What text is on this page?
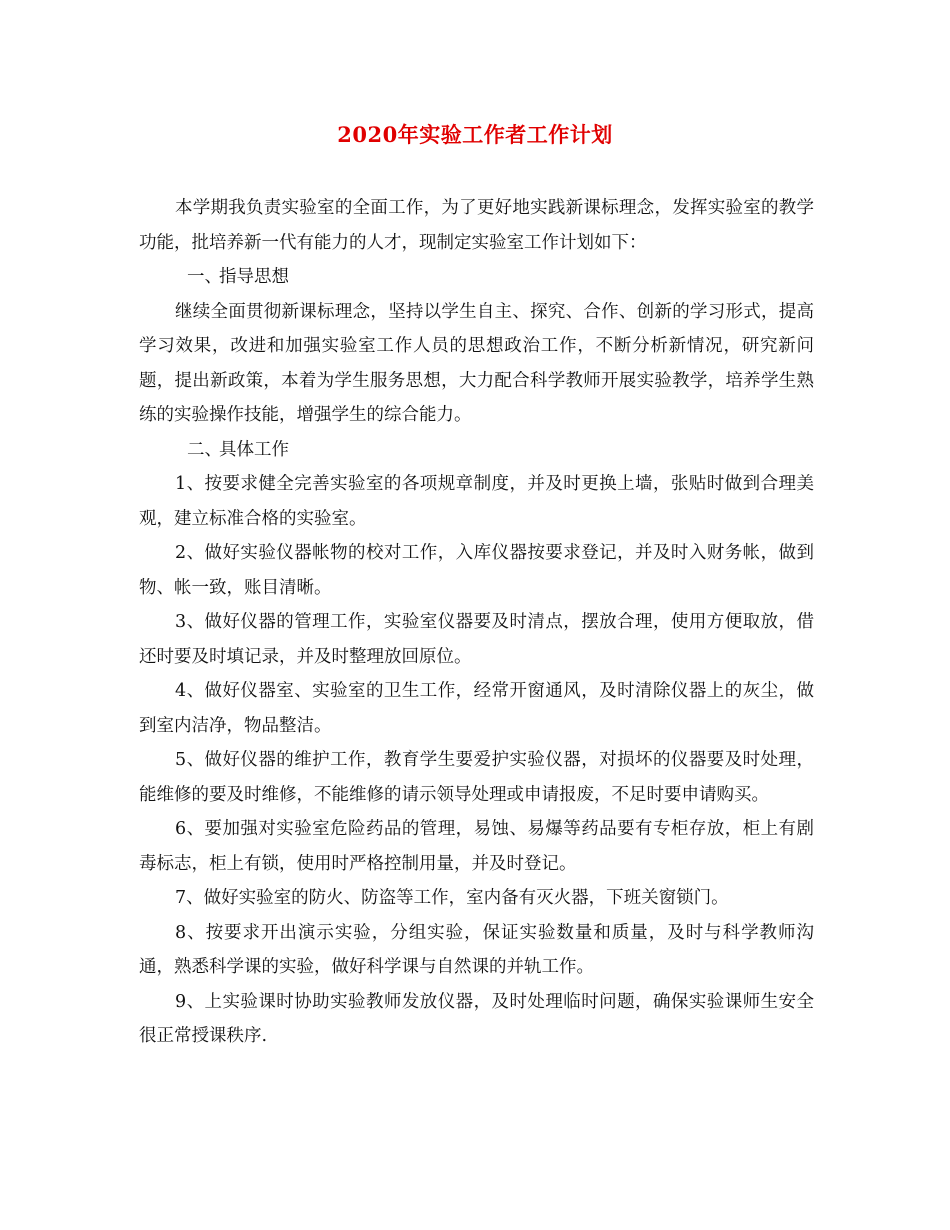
2020年实验工作者工作计划

本学期我负责实验室的全面工作，为了更好地实践新课标理念，发挥实验室的教学功能，批培养新一代有能力的人才，现制定实验室工作计划如下：

一、指导思想

继续全面贯彻新课标理念，坚持以学生自主、探究、合作、创新的学习形式，提高学习效果，改进和加强实验室工作人员的思想政治工作，不断分析新情况，研究新问题，提出新政策，本着为学生服务思想，大力配合科学教师开展实验教学，培养学生熟练的实验操作技能，增强学生的综合能力。

二、具体工作

1、按要求健全完善实验室的各项规章制度，并及时更换上墙，张贴时做到合理美观，建立标准合格的实验室。

2、做好实验仪器帐物的校对工作，入库仪器按要求登记，并及时入财务帐，做到物、帐一致，账目清晰。

3、做好仪器的管理工作，实验室仪器要及时清点，摆放合理，使用方便取放，借还时要及时填记录，并及时整理放回原位。

4、做好仪器室、实验室的卫生工作，经常开窗通风，及时清除仪器上的灰尘，做到室内洁净，物品整洁。

5、做好仪器的维护工作，教育学生要爱护实验仪器，对损坏的仪器要及时处理，能维修的要及时维修，不能维修的请示领导处理或申请报废，不足时要申请购买。

6、要加强对实验室危险药品的管理，易蚀、易爆等药品要有专柜存放，柜上有剧毒标志，柜上有锁，使用时严格控制用量，并及时登记。

7、做好实验室的防火、防盗等工作，室内备有灭火器，下班关窗锁门。

8、按要求开出演示实验，分组实验，保证实验数量和质量，及时与科学教师沟通，熟悉科学课的实验，做好科学课与自然课的并轨工作。

9、上实验课时协助实验教师发放仪器，及时处理临时问题，确保实验课师生安全很正常授课秩序.
